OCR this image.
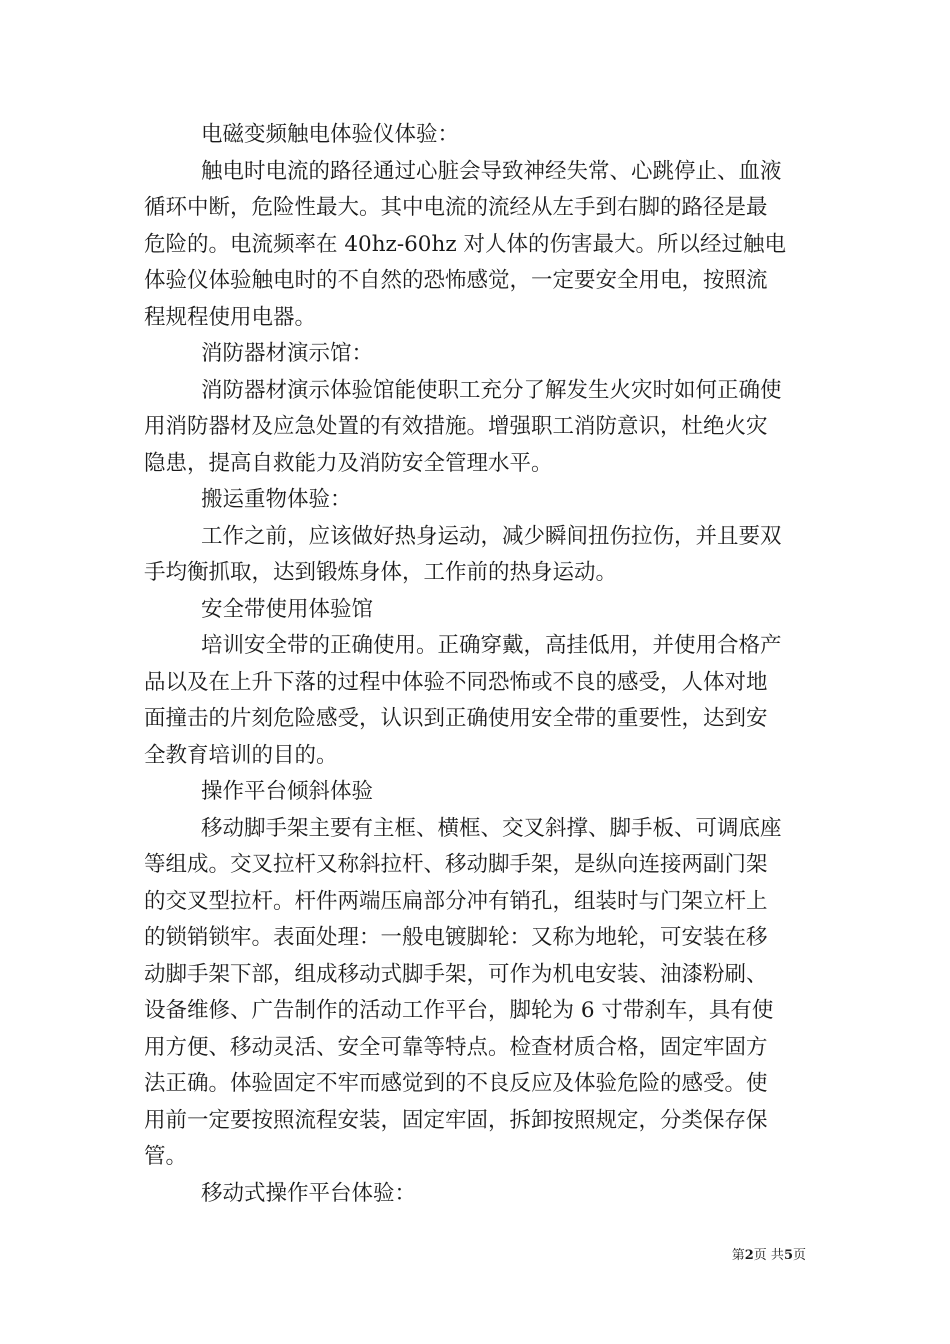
电磁变频触电体验仪体验：
触电时电流的路径通过心脏会导致神经失常、心跳停止、血液
循环中断，危险性最大。其中电流的流经从左手到右脚的路径是最
危险的。电流频率在 40hz-60hz 对人体的伤害最大。所以经过触电
体验仪体验触电时的不自然的恐怖感觉，一定要安全用电，按照流
程规程使用电器。
消防器材演示馆：
消防器材演示体验馆能使职工充分了解发生火灾时如何正确使
用消防器材及应急处置的有效措施。增强职工消防意识，杜绝火灾
隐患，提高自救能力及消防安全管理水平。
搬运重物体验：
工作之前，应该做好热身运动，减少瞬间扭伤拉伤，并且要双
手均衡抓取，达到锻炼身体，工作前的热身运动。
安全带使用体验馆
培训安全带的正确使用。正确穿戴，高挂低用，并使用合格产
品以及在上升下落的过程中体验不同恐怖或不良的感受，人体对地
面撞击的片刻危险感受，认识到正确使用安全带的重要性，达到安
全教育培训的目的。
操作平台倾斜体验
移动脚手架主要有主框、横框、交叉斜撑、脚手板、可调底座
等组成。交叉拉杆又称斜拉杆、移动脚手架，是纵向连接两副门架
的交叉型拉杆。杆件两端压扁部分冲有销孔，组装时与门架立杆上
的锁销锁牢。表面处理：一般电镀脚轮：又称为地轮，可安装在移
动脚手架下部，组成移动式脚手架，可作为机电安装、油漆粉刷、
设备维修、广告制作的活动工作平台，脚轮为 6 寸带刹车，具有使
用方便、移动灵活、安全可靠等特点。检查材质合格，固定牢固方
法正确。体验固定不牢而感觉到的不良反应及体验危险的感受。使
用前一定要按照流程安装，固定牢固，拆卸按照规定，分类保存保
管。
移动式操作平台体验：
第2页 共5页
